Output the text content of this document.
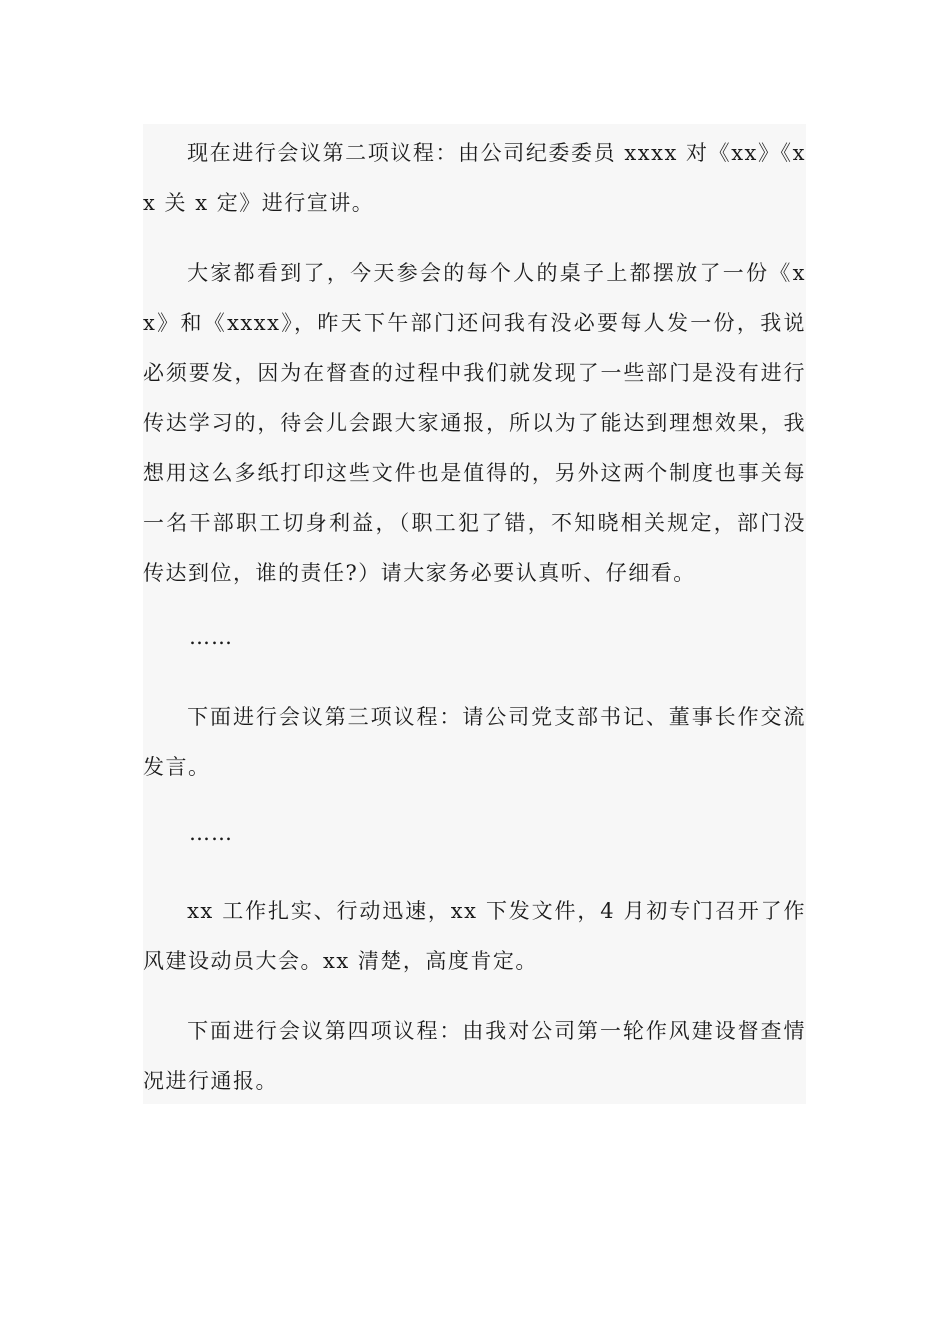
现在进行会议第二项议程：由公司纪委委员 xxxx 对《xx》《xx 关 x 定》进行宣讲。

大家都看到了，今天参会的每个人的桌子上都摆放了一份《xx》和《xxxx》，昨天下午部门还问我有没必要每人发一份，我说必须要发，因为在督查的过程中我们就发现了一些部门是没有进行传达学习的，待会儿会跟大家通报，所以为了能达到理想效果，我想用这么多纸打印这些文件也是值得的，另外这两个制度也事关每一名干部职工切身利益，（职工犯了错，不知晓相关规定，部门没传达到位，谁的责任?）请大家务必要认真听、仔细看。

……

下面进行会议第三项议程：请公司党支部书记、董事长作交流发言。

……

xx 工作扎实、行动迅速，xx 下发文件，4 月初专门召开了作风建设动员大会。xx 清楚，高度肯定。

下面进行会议第四项议程：由我对公司第一轮作风建设督查情况进行通报。
